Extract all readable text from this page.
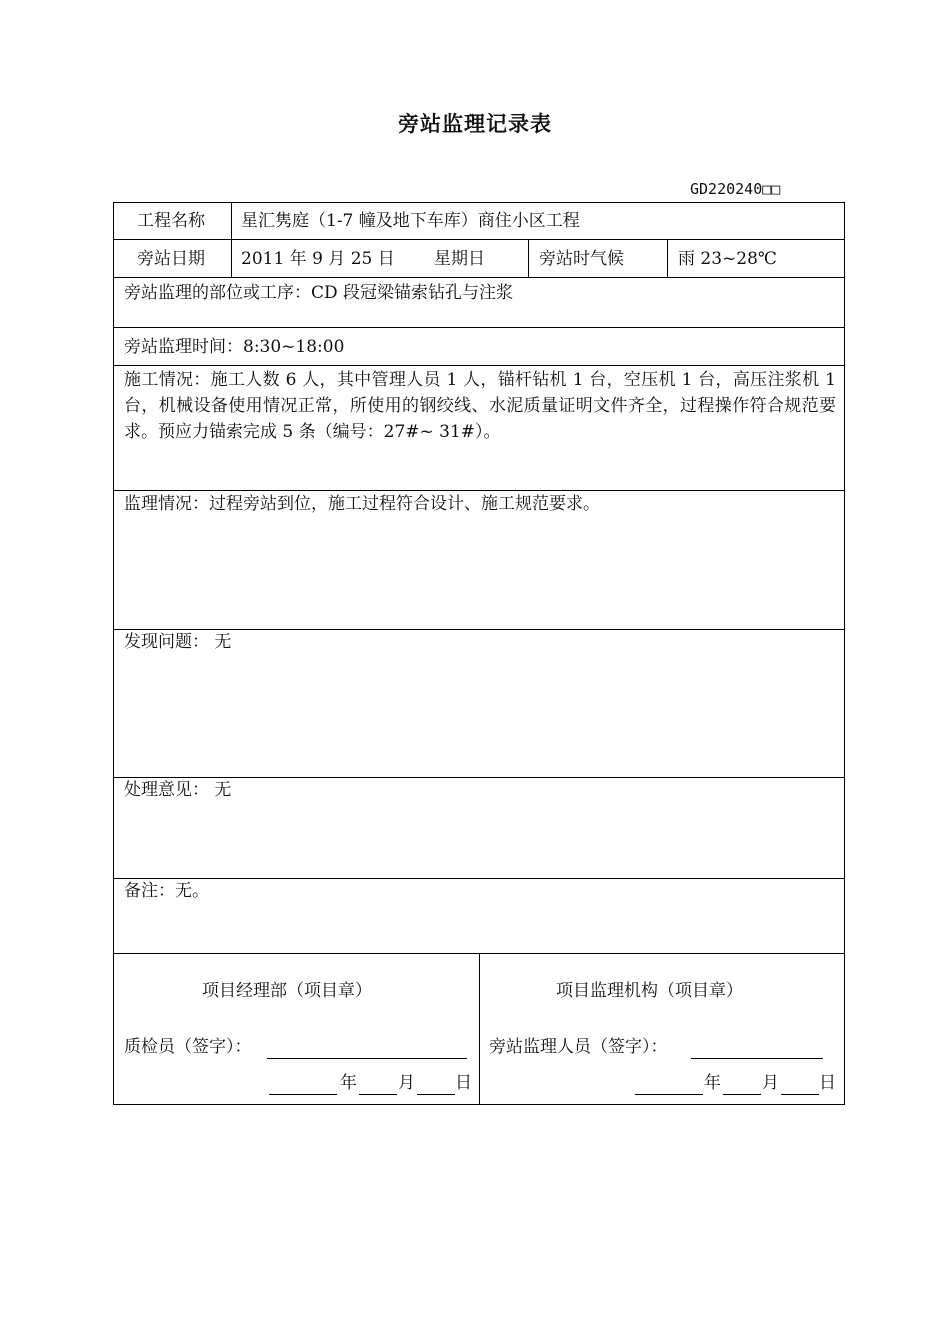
旁站监理记录表
GD220240□□
工程名称 星汇隽庭（1-7 幢及地下车库）商住小区工程
旁站日期 2011 年 9 月 25 日 星期日	旁站时气候	雨 23~28℃
旁站监理的部位或工序：CD 段冠梁锚索钻孔与注浆
旁站监理时间：8:30~18:00
施工情况：施工人数 6 人，其中管理人员 1 人，锚杆钻机 1 台，空压机 1 台，高压注浆机 1 台，机械设备使用情况正常，所使用的钢绞线、水泥质量证明文件齐全，过程操作符合规范要求。预应力锚索完成 5 条（编号：27#~ 31#）。
监理情况：过程旁站到位，施工过程符合设计、施工规范要求。
发现问题： 无
处理意见： 无
备注：无。
项目经理部（项目章）
质检员（签字）：
年 月 日
项目监理机构（项目章）
旁站监理人员（签字）：
年 月 日
